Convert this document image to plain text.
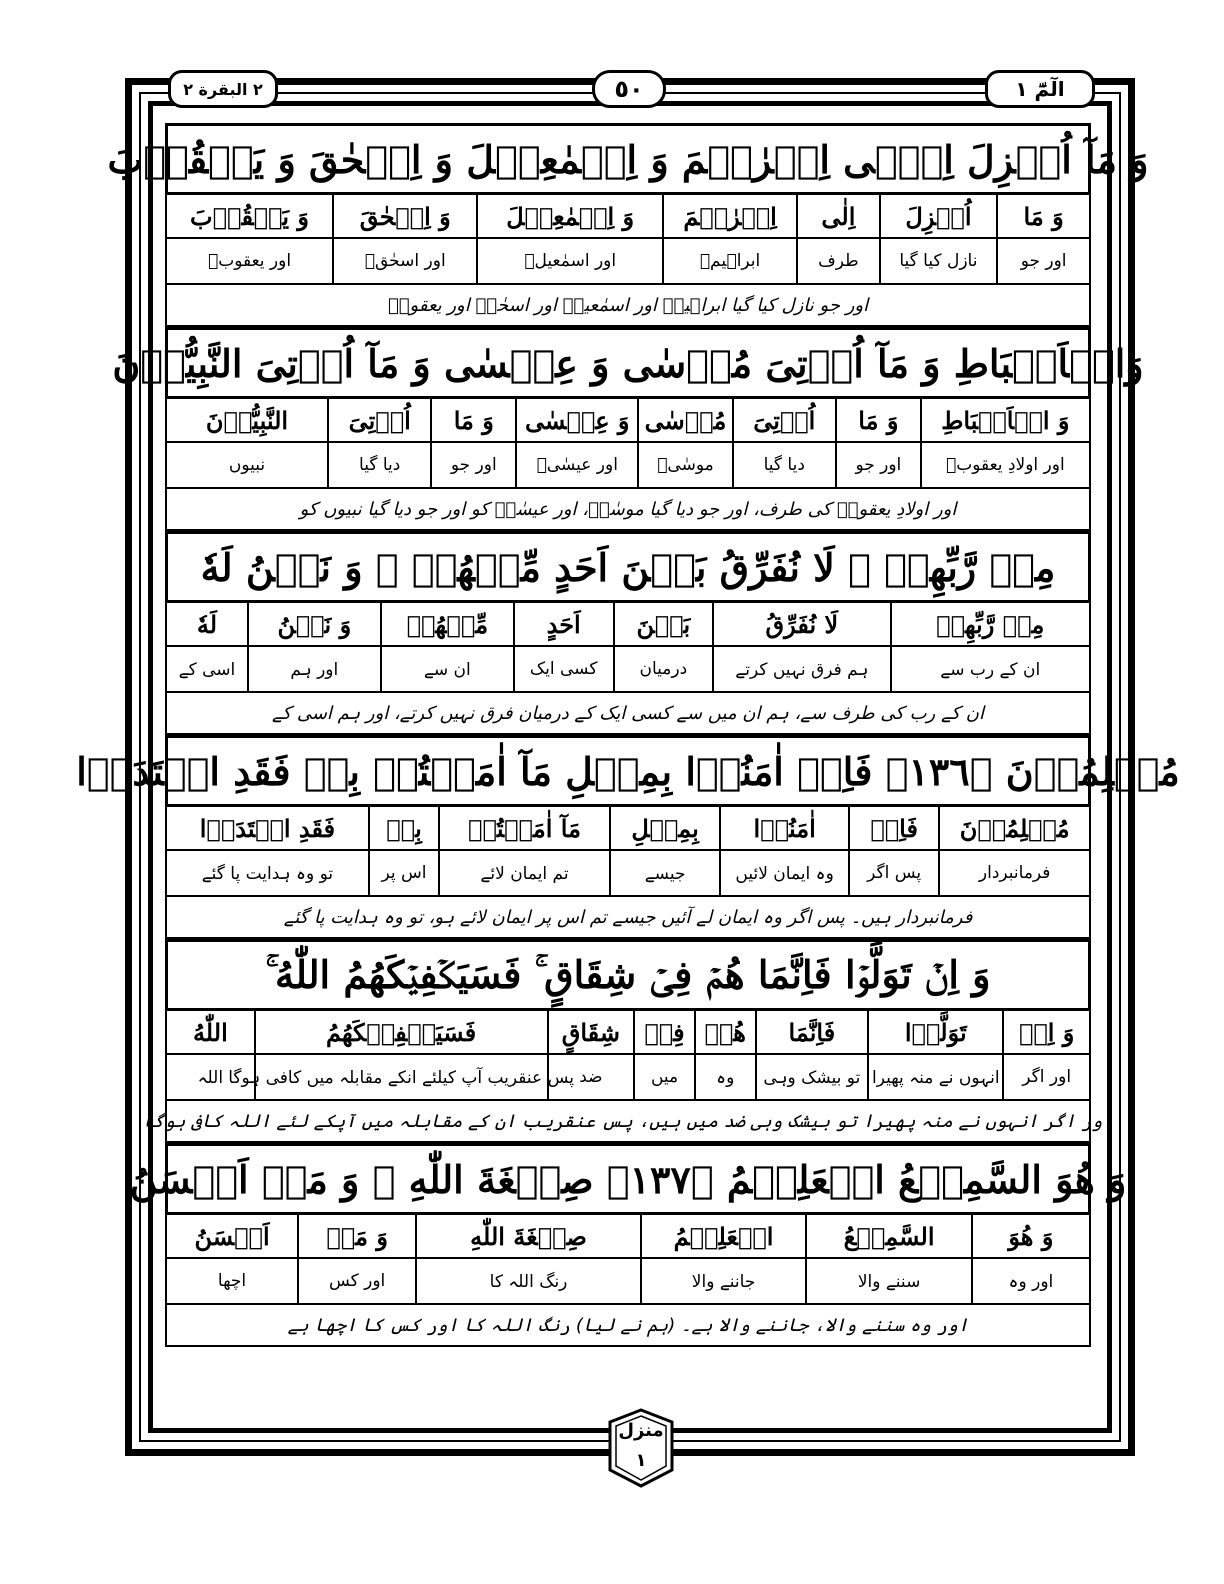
٢ البقرة ٢	٥٠	الٓمّٓ ١
وَ مَآ اُنۡزِلَ اِلٰۤی اِبۡرٰهٖمَ وَ اِسۡمٰعِیۡلَ وَ اِسۡحٰقَ وَ یَعۡقُوۡبَ
وَ مَا
اُنۡزِلَ
اِلٰی
اِبۡرٰهٖمَ
وَ اِسۡمٰعِیۡلَ
وَ اِسۡحٰقَ
وَ یَعۡقُوۡبَ
اور جو
نازل کیا گیا
طرف
ابراہیمؑ
اور اسمٰعیلؑ
اور اسحٰقؑ
اور یعقوبؑ
اور جو نازل کیا گیا ابراہیمؑ اور اسمٰعیلؑ اور اسحٰقؑ اور یعقوبؑ
وَالۡاَسۡبَاطِ وَ مَآ اُوۡتِیَ مُوۡسٰی وَ عِیۡسٰی وَ مَآ اُوۡتِیَ النَّبِیُّوۡنَ
وَ الۡاَسۡبَاطِ
وَ مَا
اُوۡتِیَ
مُوۡسٰی
وَ عِیۡسٰی
وَ مَا
اُوۡتِیَ
النَّبِیُّوۡنَ
اور اولادِ یعقوبؑ
اور جو
دیا گیا
موسٰیؑ
اور عیسٰیؑ
اور جو
دیا گیا
نبیوں
اور اولادِ یعقوبؑ کی طرف، اور جو دیا گیا موسٰیؑ، اور عیسٰیؑ کو اور جو دیا گیا نبیوں کو
مِنۡ رَّبِّهِمۡ ۚ لَا نُفَرِّقُ بَیۡنَ اَحَدٍ مِّنۡهُمۡ ۫ وَ نَحۡنُ لَهٗ
مِنۡ رَّبِّهِمۡ
لَا نُفَرِّقُ
بَیۡنَ
اَحَدٍ
مِّنۡهُمۡ
وَ نَحۡنُ
لَهٗ
ان کے رب سے
ہم فرق نہیں کرتے
درمیان
کسی ایک
ان سے
اور ہم
اسی کے
ان کے رب کی طرف سے، ہم ان میں سے کسی ایک کے درمیان فرق نہیں کرتے، اور ہم اسی کے
مُسۡلِمُوۡنَ ﴿١٣٦﴾ فَاِنۡ اٰمَنُوۡا بِمِثۡلِ مَآ اٰمَنۡتُمۡ بِهٖ فَقَدِ اهۡتَدَوۡا
مُسۡلِمُوۡنَ
فَاِنۡ
اٰمَنُوۡا
بِمِثۡلِ
مَآ اٰمَنۡتُمۡ
بِهٖ
فَقَدِ اهۡتَدَوۡا
فرمانبردار
پس اگر
وہ ایمان لائیں
جیسے
تم ایمان لائے
اس پر
تو وہ ہدایت پا گئے
فرمانبردار ہیں۔ پس اگر وہ ایمان لے آئیں جیسے تم اس پر ایمان لائے ہو، تو وہ ہدایت پا گئے
وَ اِنۡ تَوَلَّوۡا فَاِنَّمَا هُمۡ فِیۡ شِقَاقٍ ۚ فَسَیَكۡفِیۡكَهُمُ اللّٰهُ ۚ
وَ اِنۡ
تَوَلَّوۡا
فَاِنَّمَا
هُمۡ
فِیۡ
شِقَاقٍ
فَسَیَكۡفِیۡكَهُمُ
اللّٰهُ
اور اگر
انہوں نے منہ پھیرا
تو بیشک وہی
وہ
میں
ضد
پس عنقریب آپ کیلئے انکے مقابلہ میں کافی ہوگا
اللہ
اور اگر انہوں نے منہ پھیرا تو بیشک وہی ضد میں ہیں، پس عنقریب ان کے مقابلہ میں آپکے لئے اللہ کافی ہوگا
وَ هُوَ السَّمِیۡعُ الۡعَلِیۡمُ ﴿١٣٧﴾ صِبۡغَةَ اللّٰهِ ۚ وَ مَنۡ اَحۡسَنُ
وَ هُوَ
السَّمِیۡعُ
الۡعَلِیۡمُ
صِبۡغَةَ اللّٰهِ
وَ مَنۡ
اَحۡسَنُ
اور وہ
سننے والا
جاننے والا
رنگ اللہ کا
اور کس
اچھا
اور وہ سننے والا، جاننے والا ہے۔ (ہم نے لیا) رنگ اللہ کا اور کس کا اچھا ہے
منزل
١
